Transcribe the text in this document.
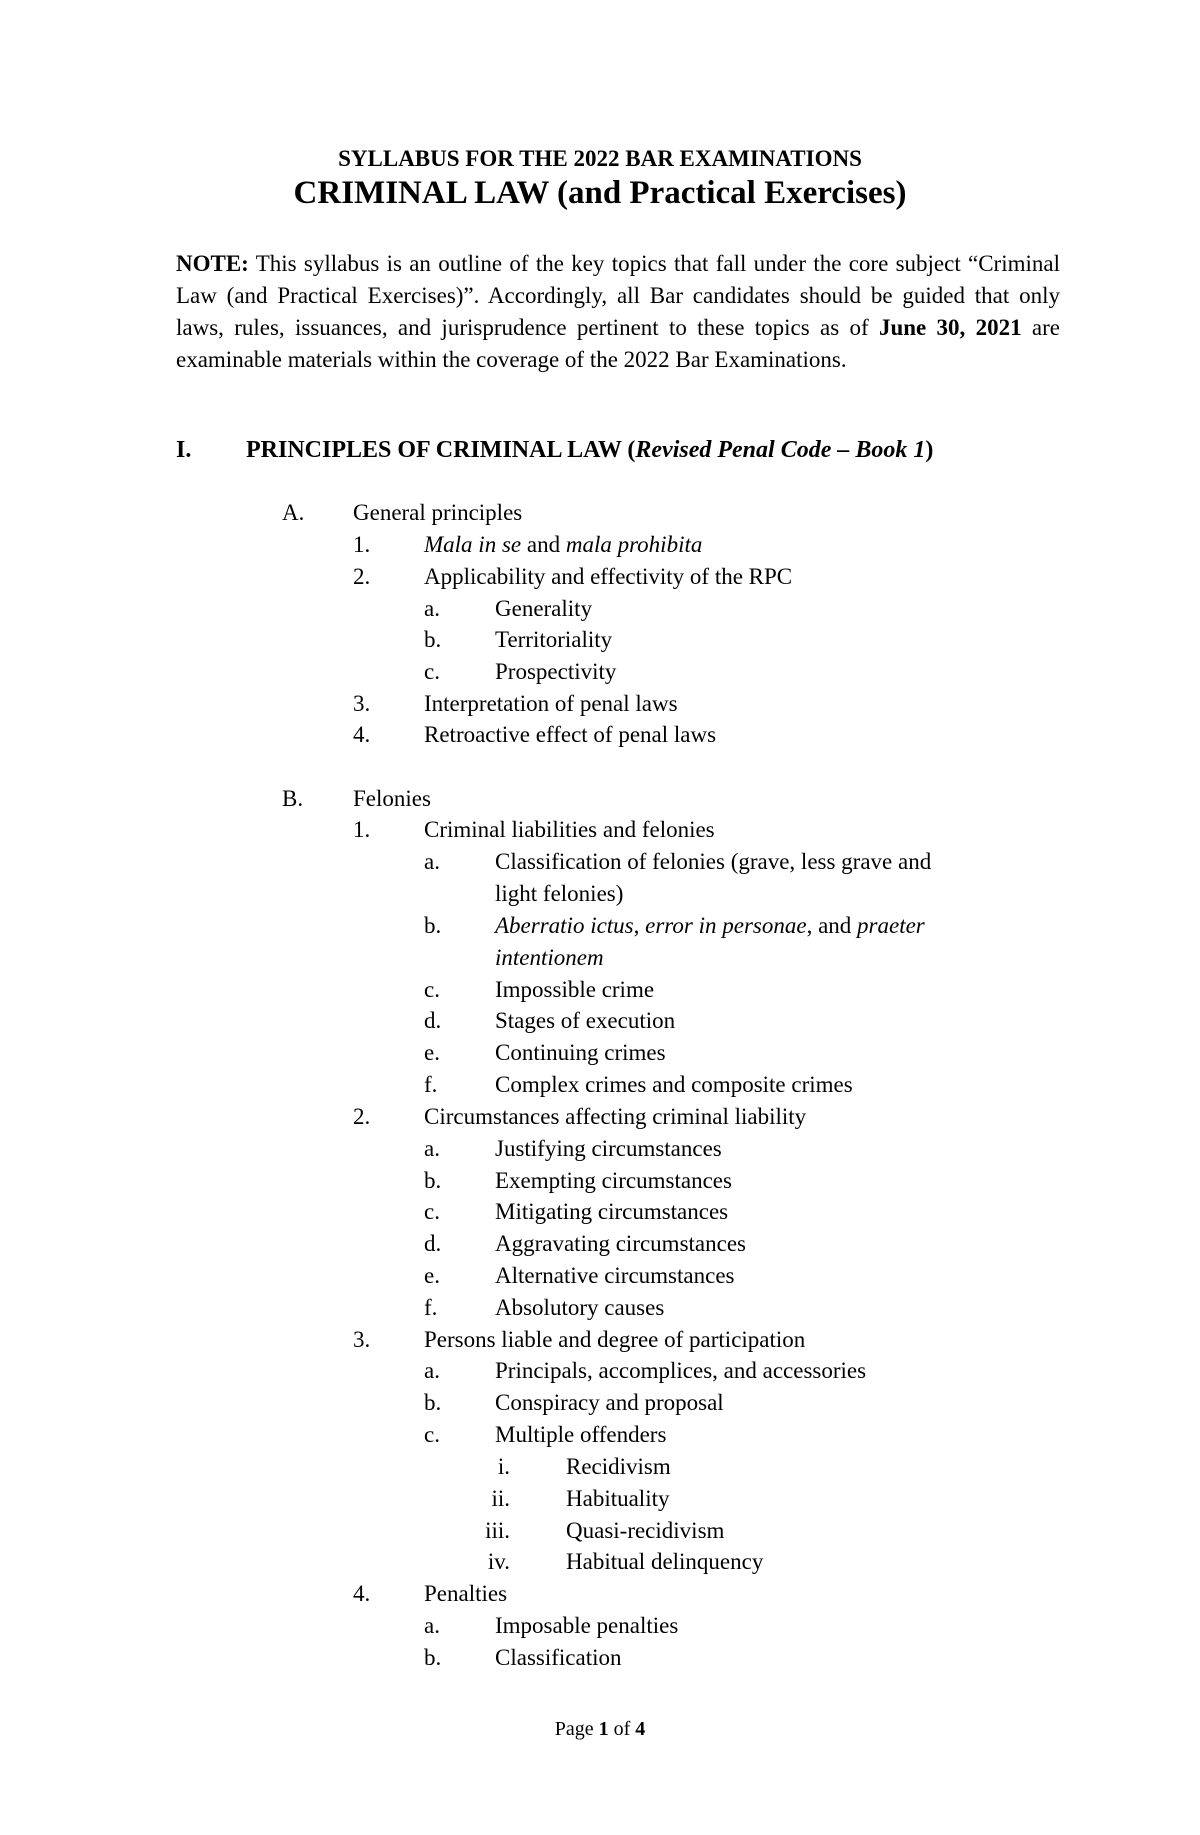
SYLLABUS FOR THE 2022 BAR EXAMINATIONS
CRIMINAL LAW (and Practical Exercises)
NOTE: This syllabus is an outline of the key topics that fall under the core subject “Criminal Law (and Practical Exercises)”. Accordingly, all Bar candidates should be guided that only laws, rules, issuances, and jurisprudence pertinent to these topics as of June 30, 2021 are examinable materials within the coverage of the 2022 Bar Examinations.
I. PRINCIPLES OF CRIMINAL LAW (Revised Penal Code – Book 1)
A. General principles
1. Mala in se and mala prohibita
2. Applicability and effectivity of the RPC
a. Generality
b. Territoriality
c. Prospectivity
3. Interpretation of penal laws
4. Retroactive effect of penal laws
B. Felonies
1. Criminal liabilities and felonies
a. Classification of felonies (grave, less grave and
light felonies)
b. Aberratio ictus, error in personae, and praeter
intentionem
c. Impossible crime
d. Stages of execution
e. Continuing crimes
f.	Complex crimes and composite crimes
2. Circumstances affecting criminal liability
a. Justifying circumstances
b. Exempting circumstances
c. Mitigating circumstances
d. Aggravating circumstances
e. Alternative circumstances
f.	Absolutory causes
3. Persons liable and degree of participation
a. Principals, accomplices, and accessories
b. Conspiracy and proposal
c. Multiple offenders
i. Recidivism
ii. Habituality
iii. Quasi-recidivism
iv. Habitual delinquency
4. Penalties
a. Imposable penalties
b. Classification
Page 1 of 4
